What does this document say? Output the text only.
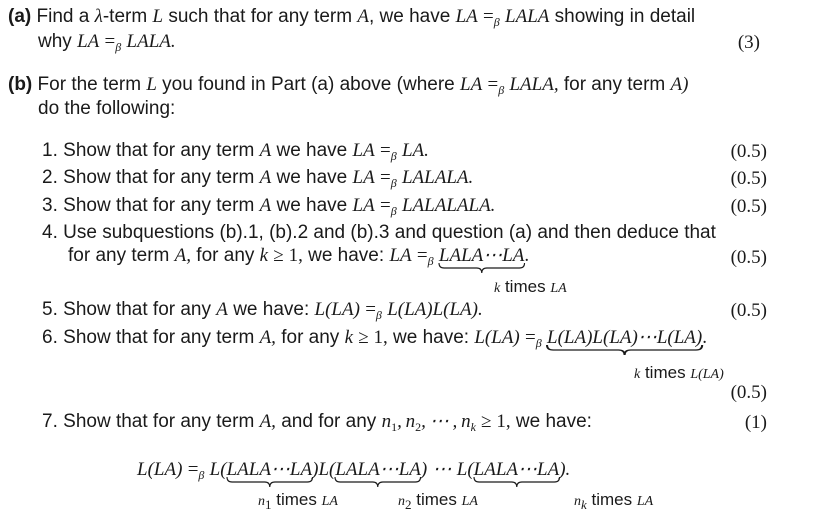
(a) Find a λ-term L such that for any term A, we have LA $=_\beta$ LALA showing in detail
why LA $=_\beta$ LALA.	(3)
(b) For the term L you found in Part (a) above (where LA $=_\beta$ LALA, for any term A)
do the following:
1. Show that for any term A we have LA $=_\beta$ LA.	(0.5)
2. Show that for any term A we have LA $=_\beta$ LALALA.	(0.5)
3. Show that for any term A we have LA $=_\beta$ LALALALA.	(0.5)
4. Use subquestions (b).1, (b).2 and (b).3 and question (a) and then deduce that
for any term A, for any k ≥ 1, we have: LA $=_\beta$ LALA⋯LA
.
k times LA
(0.5)
5. Show that for any A we have: $L(LA) =_\beta$ L(LA)L(LA).	(0.5)
6. Show that for any term A, for any k ≥ 1, we have: $L(LA) =_\beta$ L(LA)L(LA)⋯L(LA)
.
k times L(LA)
(0.5)
7. Show that for any term A, and for any $n_1$, $n_2$, ⋯ , $n_k \ge 1$, we have:	(1)
$L(LA) =_\beta$ L(LALA⋯LA
)L(LALA⋯LA
) ⋯ L(LALA⋯LA
).
$n_1$ times LA	$n_2$ times LA	$n_k$ times LA
